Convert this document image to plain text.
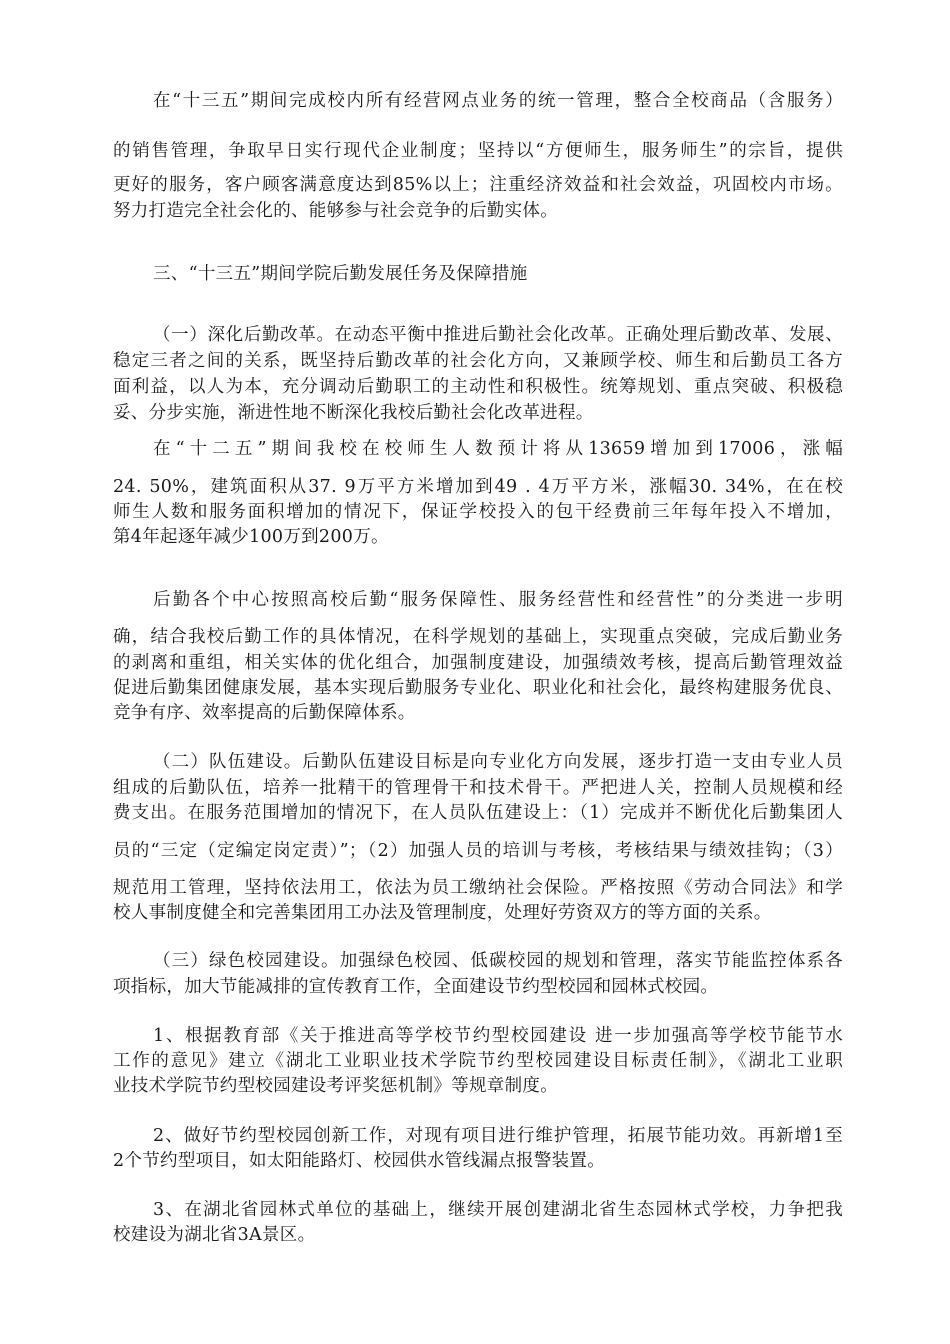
在“十三五”期间完成校内所有经营网点业务的统一管理，整合全校商品（含服务）
的销售管理，争取早日实行现代企业制度；坚持以“方便师生，服务师生”的宗旨，提供
更好的服务，客户顾客满意度达到85%以上；注重经济效益和社会效益，巩固校内市场。
努力打造完全社会化的、能够参与社会竞争的后勤实体。
三、“十三五”期间学院后勤发展任务及保障措施
（一）深化后勤改革。在动态平衡中推进后勤社会化改革。正确处理后勤改革、发展、
稳定三者之间的关系，既坚持后勤改革的社会化方向，又兼顾学校、师生和后勤员工各方
面利益，以人为本，充分调动后勤职工的主动性和积极性。统筹规划、重点突破、积极稳
妥、分步实施，渐进性地不断深化我校后勤社会化改革进程。
在“十二五”期间我校在校师生人数预计将从13659增加到17006，涨幅
24. 50%，建筑面积从37. 9万平方米增加到49 . 4万平方米，涨幅30. 34%，在在校
师生人数和服务面积增加的情况下，保证学校投入的包干经费前三年每年投入不增加，
第4年起逐年减少100万到200万。
后勤各个中心按照高校后勤“服务保障性、服务经营性和经营性”的分类进一步明
确，结合我校后勤工作的具体情况，在科学规划的基础上，实现重点突破，完成后勤业务
的剥离和重组，相关实体的优化组合，加强制度建设，加强绩效考核，提高后勤管理效益
促进后勤集团健康发展，基本实现后勤服务专业化、职业化和社会化，最终构建服务优良、
竞争有序、效率提高的后勤保障体系。
（二）队伍建设。后勤队伍建设目标是向专业化方向发展，逐步打造一支由专业人员
组成的后勤队伍，培养一批精干的管理骨干和技术骨干。严把进人关，控制人员规模和经
费支出。在服务范围增加的情况下，在人员队伍建设上：（1）完成并不断优化后勤集团人
员的“三定（定编定岗定责）”；（2）加强人员的培训与考核，考核结果与绩效挂钩；（3）
规范用工管理，坚持依法用工，依法为员工缴纳社会保险。严格按照《劳动合同法》和学
校人事制度健全和完善集团用工办法及管理制度，处理好劳资双方的等方面的关系。
（三）绿色校园建设。加强绿色校园、低碳校园的规划和管理，落实节能监控体系各
项指标，加大节能减排的宣传教育工作，全面建设节约型校园和园林式校园。
1、根据教育部《关于推进高等学校节约型校园建设 进一步加强高等学校节能节水
工作的意见》建立《湖北工业职业技术学院节约型校园建设目标责任制》，《湖北工业职
业技术学院节约型校园建设考评奖惩机制》等规章制度。
2、做好节约型校园创新工作，对现有项目进行维护管理，拓展节能功效。再新增1至
2个节约型项目，如太阳能路灯、校园供水管线漏点报警装置。
3、在湖北省园林式单位的基础上，继续开展创建湖北省生态园林式学校，力争把我
校建设为湖北省3A景区。
